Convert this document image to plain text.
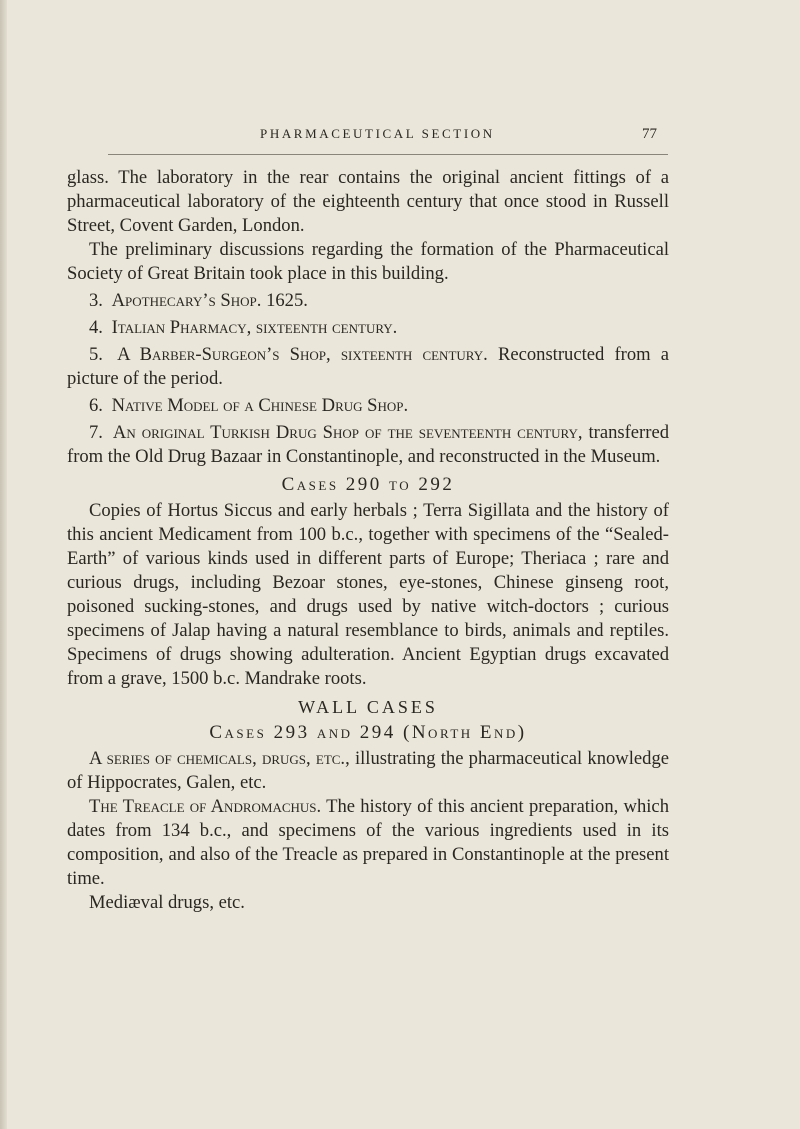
PHARMACEUTICAL SECTION	77

glass. The laboratory in the rear contains the original ancient fittings of a pharmaceutical laboratory of the eighteenth century that once stood in Russell Street, Covent Garden, London.

The preliminary discussions regarding the formation of the Pharmaceutical Society of Great Britain took place in this building.

3. Apothecary’s Shop. 1625.

4. Italian Pharmacy, sixteenth century.

5. A Barber-Surgeon’s Shop, sixteenth century. Reconstructed from a picture of the period.

6. Native Model of a Chinese Drug Shop.

7. An original Turkish Drug Shop of the seventeenth century, transferred from the Old Drug Bazaar in Constantinople, and reconstructed in the Museum.

Cases 290 to 292

Copies of Hortus Siccus and early herbals ; Terra Sigillata and the history of this ancient Medicament from 100 b.c., together with specimens of the “Sealed-Earth” of various kinds used in different parts of Europe; Theriaca ; rare and curious drugs, including Bezoar stones, eye-stones, Chinese ginseng root, poisoned sucking-stones, and drugs used by native witch-doctors ; curious specimens of Jalap having a natural resemblance to birds, animals and reptiles. Specimens of drugs showing adulteration. Ancient Egyptian drugs excavated from a grave, 1500 b.c. Mandrake roots.

WALL CASES
Cases 293 and 294 (North End)

A series of chemicals, drugs, etc., illustrating the pharmaceutical knowledge of Hippocrates, Galen, etc.

The Treacle of Andromachus. The history of this ancient preparation, which dates from 134 b.c., and specimens of the various ingredients used in its composition, and also of the Treacle as prepared in Constantinople at the present time.

Mediæval drugs, etc.
